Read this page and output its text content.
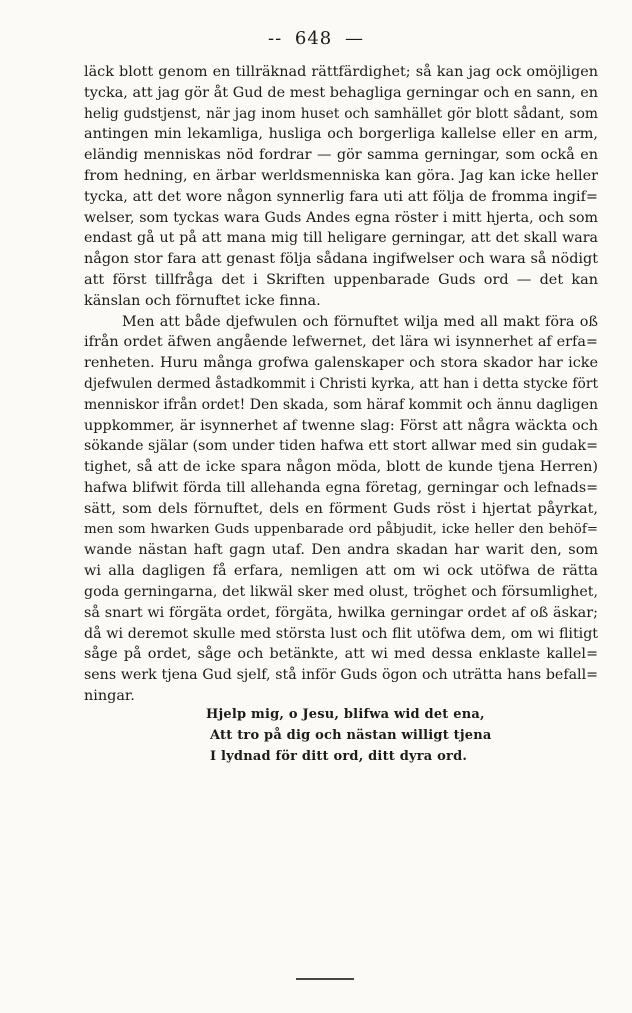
-- 648 —
läck blott genom en tillräknad rättfärdighet; så kan jag ock omöjligen
tycka, att jag gör åt Gud de mest behagliga gerningar och en sann, en
helig gudstjenst, när jag inom huset och samhället gör blott sådant, som
antingen min lekamliga, husliga och borgerliga kallelse eller en arm,
eländig menniskas nöd fordrar — gör samma gerningar, som ockå en
from hedning, en ärbar werldsmenniska kan göra. Jag kan icke heller
tycka, att det wore någon synnerlig fara uti att följa de fromma ingif=
welser, som tyckas wara Guds Andes egna röster i mitt hjerta, och som
endast gå ut på att mana mig till heligare gerningar, att det skall wara
någon stor fara att genast följa sådana ingifwelser och wara så nödigt
att först tillfråga det i Skriften uppenbarade Guds ord — det kan
känslan och förnuftet icke finna.
Men att både djefwulen och förnuftet wilja med all makt föra oß
ifrån ordet äfwen angående lefwernet, det lära wi isynnerhet af erfa=
renheten. Huru många grofwa galenskaper och stora skador har icke
djefwulen dermed åstadkommit i Christi kyrka, att han i detta stycke fört
menniskor ifrån ordet! Den skada, som häraf kommit och ännu dagligen
uppkommer, är isynnerhet af twenne slag: Först att några wäckta och
sökande själar (som under tiden hafwa ett stort allwar med sin gudak=
tighet, så att de icke spara någon möda, blott de kunde tjena Herren)
hafwa blifwit förda till allehanda egna företag, gerningar och lefnads=
sätt, som dels förnuftet, dels en förment Guds röst i hjertat påyrkat,
men som hwarken Guds uppenbarade ord påbjudit, icke heller den behöf=
wande nästan haft gagn utaf. Den andra skadan har warit den, som
wi alla dagligen få erfara, nemligen att om wi ock utöfwa de rätta
goda gerningarna, det likwäl sker med olust, tröghet och försumlighet,
så snart wi förgäta ordet, förgäta, hwilka gerningar ordet af oß äskar;
då wi deremot skulle med största lust och flit utöfwa dem, om wi flitigt
såge på ordet, såge och betänkte, att wi med dessa enklaste kallel=
sens werk tjena Gud sjelf, stå inför Guds ögon och uträtta hans befall=
ningar.
Hjelp mig, o Jesu, blifwa wid det ena,
Att tro på dig och nästan willigt tjena
I lydnad för ditt ord, ditt dyra ord.
